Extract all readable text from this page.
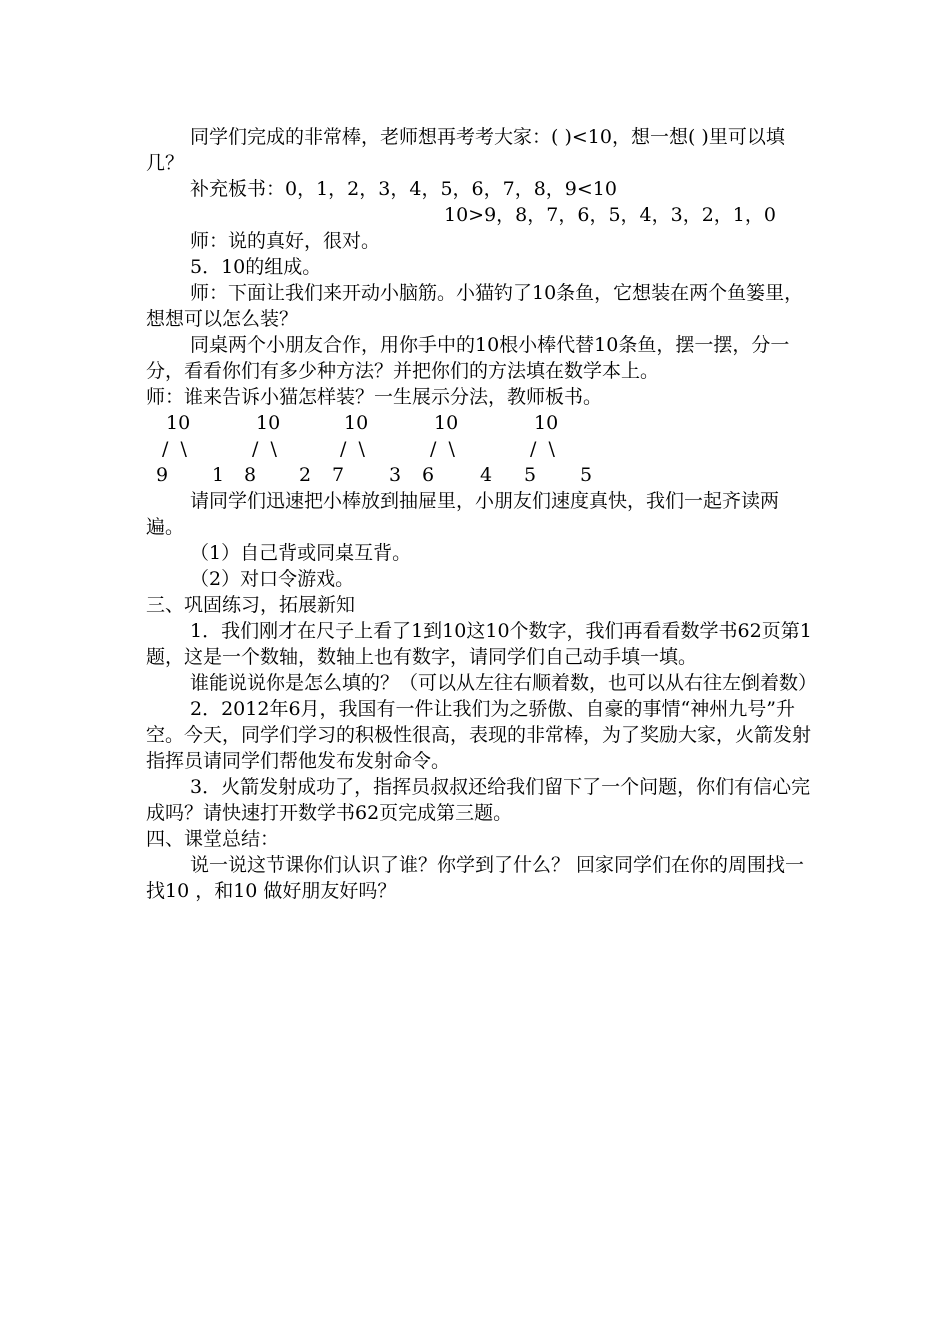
同学们完成的非常棒，老师想再考考大家：( )<10，想一想( )里可以填几？

补充板书：0，1，2，3，4，5，6，7，8，9<10

10>9，8，7，6，5，4，3，2，1，0

师：说的真好，很对。

5．10的组成。

师：下面让我们来开动小脑筋。小猫钓了10条鱼，它想装在两个鱼篓里，想想可以怎么装？

同桌两个小朋友合作，用你手中的10根小棒代替10条鱼，摆一摆，分一分，看看你们有多少种方法？并把你们的方法填在数学本上。

师：谁来告诉小猫怎样装？一生展示分法，教师板书。

10	10	10	10	10
/  \	/  \	/  \	/  \	/  \
9 1 8 2 7 3 6 4 5 5

请同学们迅速把小棒放到抽屉里，小朋友们速度真快，我们一起齐读两遍。

（1）自己背或同桌互背。

（2）对口令游戏。

三、巩固练习，拓展新知

1．我们刚才在尺子上看了1到10这10个数字，我们再看看数学书62页第1题，这是一个数轴，数轴上也有数字，请同学们自己动手填一填。

谁能说说你是怎么填的？（可以从左往右顺着数，也可以从右往左倒着数）

2．2012年6月，我国有一件让我们为之骄傲、自豪的事情“神州九号”升空。今天，同学们学习的积极性很高，表现的非常棒，为了奖励大家，火箭发射指挥员请同学们帮他发布发射命令。

3．火箭发射成功了，指挥员叔叔还给我们留下了一个问题，你们有信心完成吗？请快速打开数学书62页完成第三题。

四、课堂总结：

说一说这节课你们认识了谁？你学到了什么？ 回家同学们在你的周围找一找10 ，和10 做好朋友好吗？
